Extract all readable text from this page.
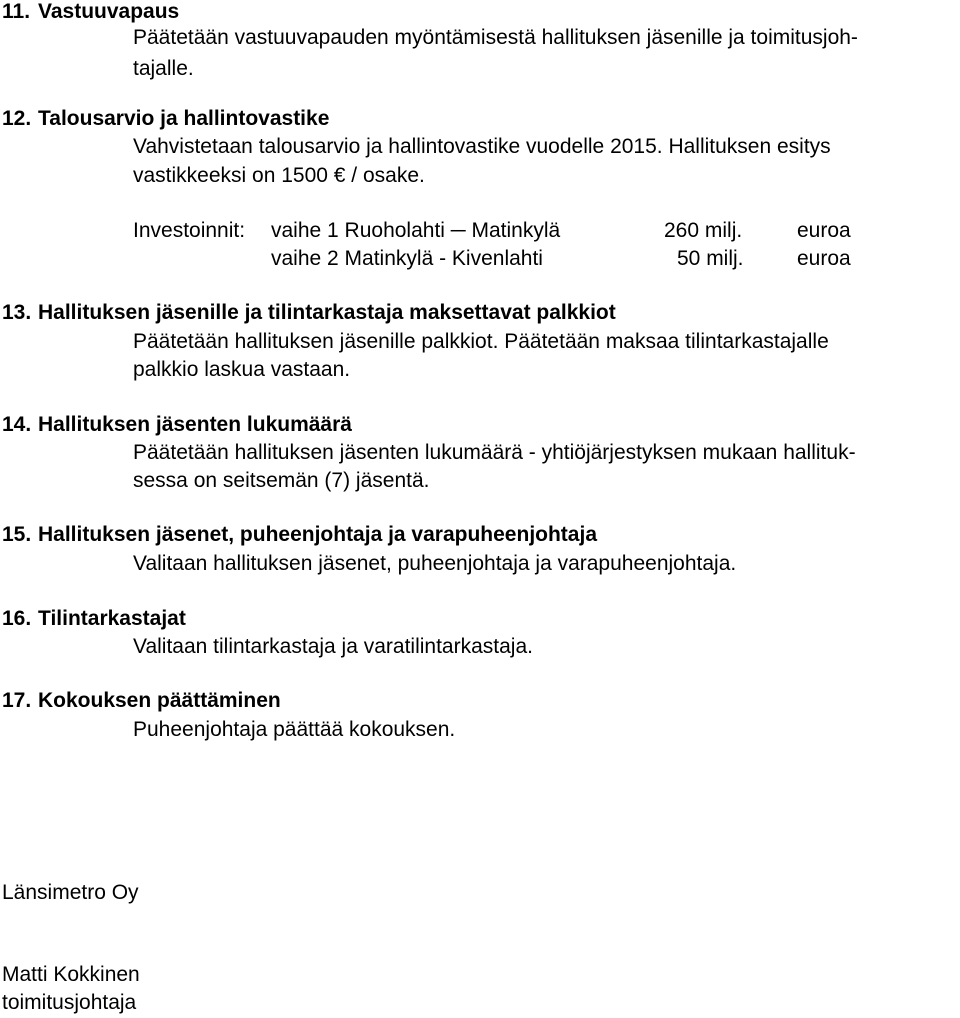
11. Vastuuvapaus
Päätetään vastuuvapauden myöntämisestä hallituksen jäsenille ja toimitusjoh-
tajalle.
12. Talousarvio ja hallintovastike
Vahvistetaan talousarvio ja hallintovastike vuodelle 2015. Hallituksen esitys
vastikkeeksi on 1500 € / osake.
Investoinnit: vaihe 1 Ruoholahti ─ Matinkylä	260 milj.	euroa
vaihe 2 Matinkylä - Kivenlahti	50 milj.	euroa
13. Hallituksen jäsenille ja tilintarkastaja maksettavat palkkiot
Päätetään hallituksen jäsenille palkkiot. Päätetään maksaa tilintarkastajalle
palkkio laskua vastaan.
14. Hallituksen jäsenten lukumäärä
Päätetään hallituksen jäsenten lukumäärä - yhtiöjärjestyksen mukaan hallituk-
sessa on seitsemän (7) jäsentä.
15. Hallituksen jäsenet, puheenjohtaja ja varapuheenjohtaja
Valitaan hallituksen jäsenet, puheenjohtaja ja varapuheenjohtaja.
16. Tilintarkastajat
Valitaan tilintarkastaja ja varatilintarkastaja.
17. Kokouksen päättäminen
Puheenjohtaja päättää kokouksen.
Länsimetro Oy
Matti Kokkinen
toimitusjohtaja
